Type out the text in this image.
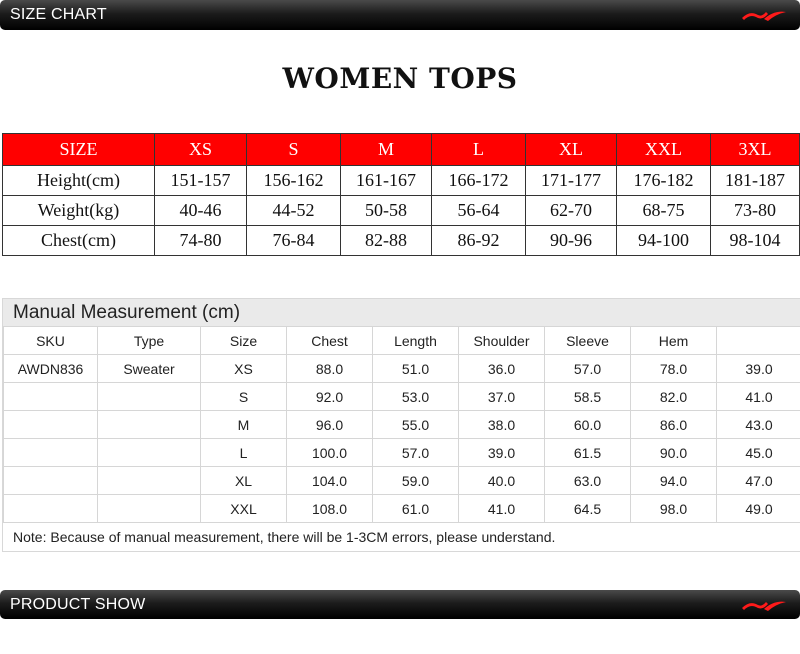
SIZE CHART
WOMEN TOPS
SIZE	XS	S	M	L	XL	XXL	3XL
Height(cm)	151-157	156-162	161-167	166-172	171-177	176-182	181-187
Weight(kg)	40-46	44-52	50-58	56-64	62-70	68-75	73-80
Chest(cm)	74-80	76-84	82-88	86-92	90-96	94-100	98-104
Manual Measurement (cm)
SKU	Type	Size	Chest	Length	Shoulder	Sleeve	Hem	
AWDN836	Sweater	XS	88.0	51.0	36.0	57.0	78.0	39.0
		S	92.0	53.0	37.0	58.5	82.0	41.0
		M	96.0	55.0	38.0	60.0	86.0	43.0
		L	100.0	57.0	39.0	61.5	90.0	45.0
		XL	104.0	59.0	40.0	63.0	94.0	47.0
		XXL	108.0	61.0	41.0	64.5	98.0	49.0
Note: Because of manual measurement, there will be 1-3CM errors, please understand.
PRODUCT SHOW
